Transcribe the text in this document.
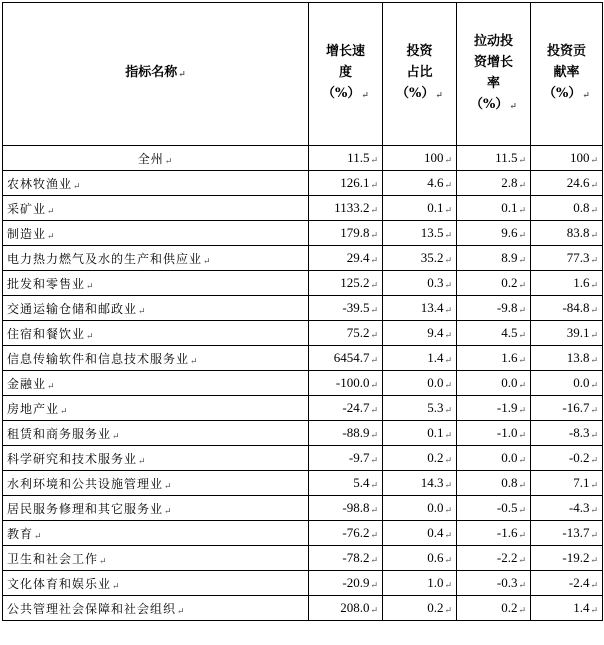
指标名称↵	增长速
度
（%）↵	投资
占比
（%）↵	拉动投
资增长
率
（%）↵	投资贡
献率
（%）↵

全州↵	11.5↵	100↵	11.5↵	100↵
农林牧渔业↵	126.1↵	4.6↵	2.8↵	24.6↵
采矿业↵	1133.2↵	0.1↵	0.1↵	0.8↵
制造业↵	179.8↵	13.5↵	9.6↵	83.8↵
电力热力燃气及水的生产和供应业↵	29.4↵	35.2↵	8.9↵	77.3↵
批发和零售业↵	125.2↵	0.3↵	0.2↵	1.6↵
交通运输仓储和邮政业↵	-39.5↵	13.4↵	-9.8↵	-84.8↵
住宿和餐饮业↵	75.2↵	9.4↵	4.5↵	39.1↵
信息传输软件和信息技术服务业↵	6454.7↵	1.4↵	1.6↵	13.8↵
金融业↵	-100.0↵	0.0↵	0.0↵	0.0↵
房地产业↵	-24.7↵	5.3↵	-1.9↵	-16.7↵
租赁和商务服务业↵	-88.9↵	0.1↵	-1.0↵	-8.3↵
科学研究和技术服务业↵	-9.7↵	0.2↵	0.0↵	-0.2↵
水利环境和公共设施管理业↵	5.4↵	14.3↵	0.8↵	7.1↵
居民服务修理和其它服务业↵	-98.8↵	0.0↵	-0.5↵	-4.3↵
教育↵	-76.2↵	0.4↵	-1.6↵	-13.7↵
卫生和社会工作↵	-78.2↵	0.6↵	-2.2↵	-19.2↵
文化体育和娱乐业↵	-20.9↵	1.0↵	-0.3↵	-2.4↵
公共管理社会保障和社会组织↵	208.0↵	0.2↵	0.2↵	1.4↵
